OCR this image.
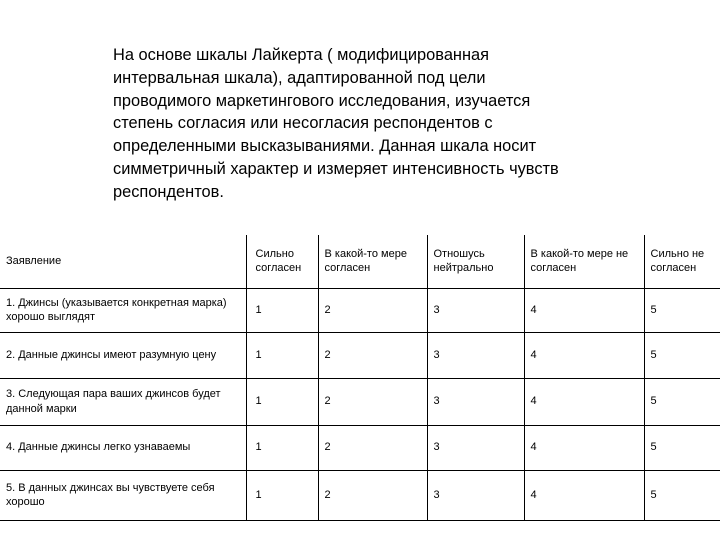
На основе шкалы Лайкерта ( модифицированная
интервальная шкала), адаптированной под цели
проводимого маркетингового исследования, изучается
степень согласия или несогласия респондентов с
определенными высказываниями. Данная шкала носит
симметричный характер и измеряет интенсивность чувств
респондентов.
Заявление	Сильно согласен	В какой-то мере согласен	Отношусь нейтрально	В какой-то мере не согласен	Сильно не согласен
1. Джинсы (указывается конкретная марка) хорошо выглядят	1	2	3	4	5
2. Данные джинсы имеют разумную цену	1	2	3	4	5
3. Следующая пара ваших джинсов будет данной марки	1	2	3	4	5
4. Данные джинсы легко узнаваемы	1	2	3	4	5
5. В данных джинсах вы чувствуете себя хорошо	1	2	3	4	5
